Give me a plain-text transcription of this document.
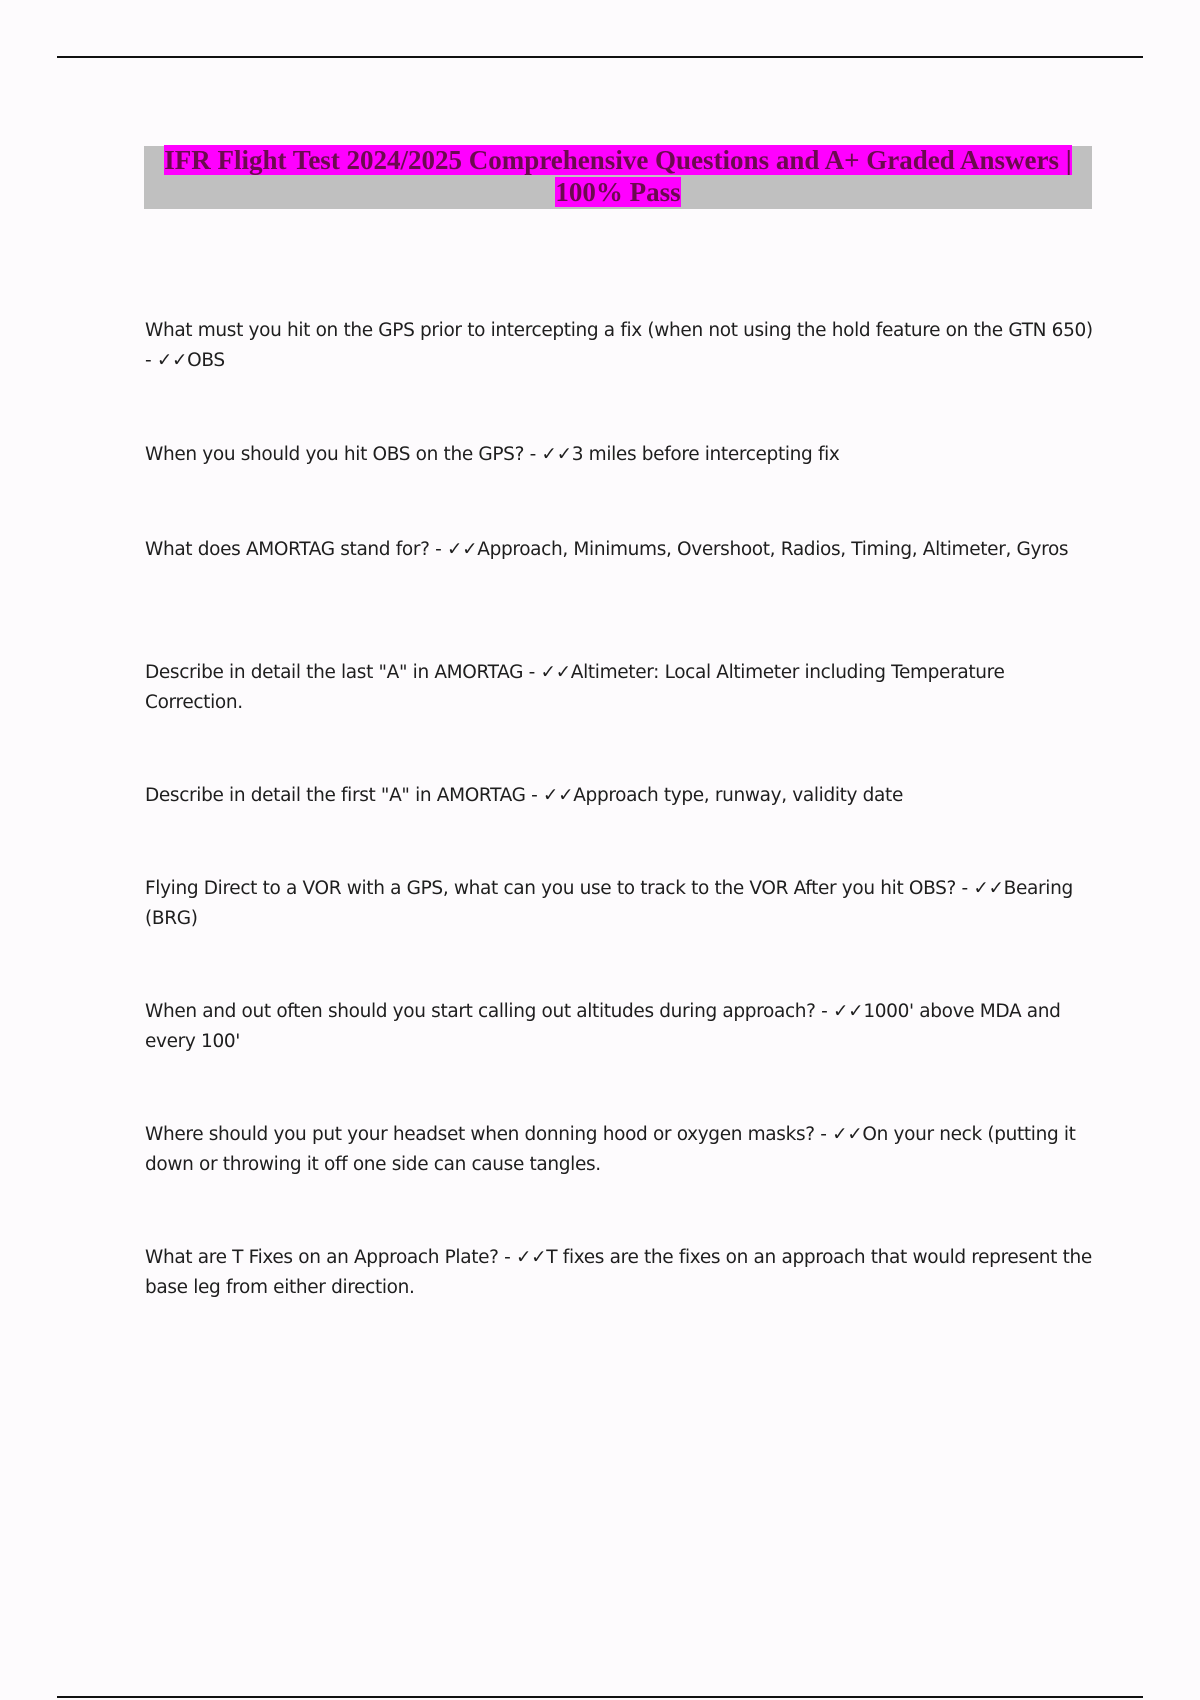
IFR Flight Test 2024/2025 Comprehensive Questions and A+ Graded Answers | 100% Pass

What must you hit on the GPS prior to intercepting a fix (when not using the hold feature on the GTN 650) - ✓✓OBS

When you should you hit OBS on the GPS? - ✓✓3 miles before intercepting fix

What does AMORTAG stand for? - ✓✓Approach, Minimums, Overshoot, Radios, Timing, Altimeter, Gyros

Describe in detail the last "A" in AMORTAG - ✓✓Altimeter: Local Altimeter including Temperature Correction.

Describe in detail the first "A" in AMORTAG - ✓✓Approach type, runway, validity date

Flying Direct to a VOR with a GPS, what can you use to track to the VOR After you hit OBS? - ✓✓Bearing (BRG)

When and out often should you start calling out altitudes during approach? - ✓✓1000' above MDA and every 100'

Where should you put your headset when donning hood or oxygen masks? - ✓✓On your neck (putting it down or throwing it off one side can cause tangles.

What are T Fixes on an Approach Plate? - ✓✓T fixes are the fixes on an approach that would represent the base leg from either direction.
